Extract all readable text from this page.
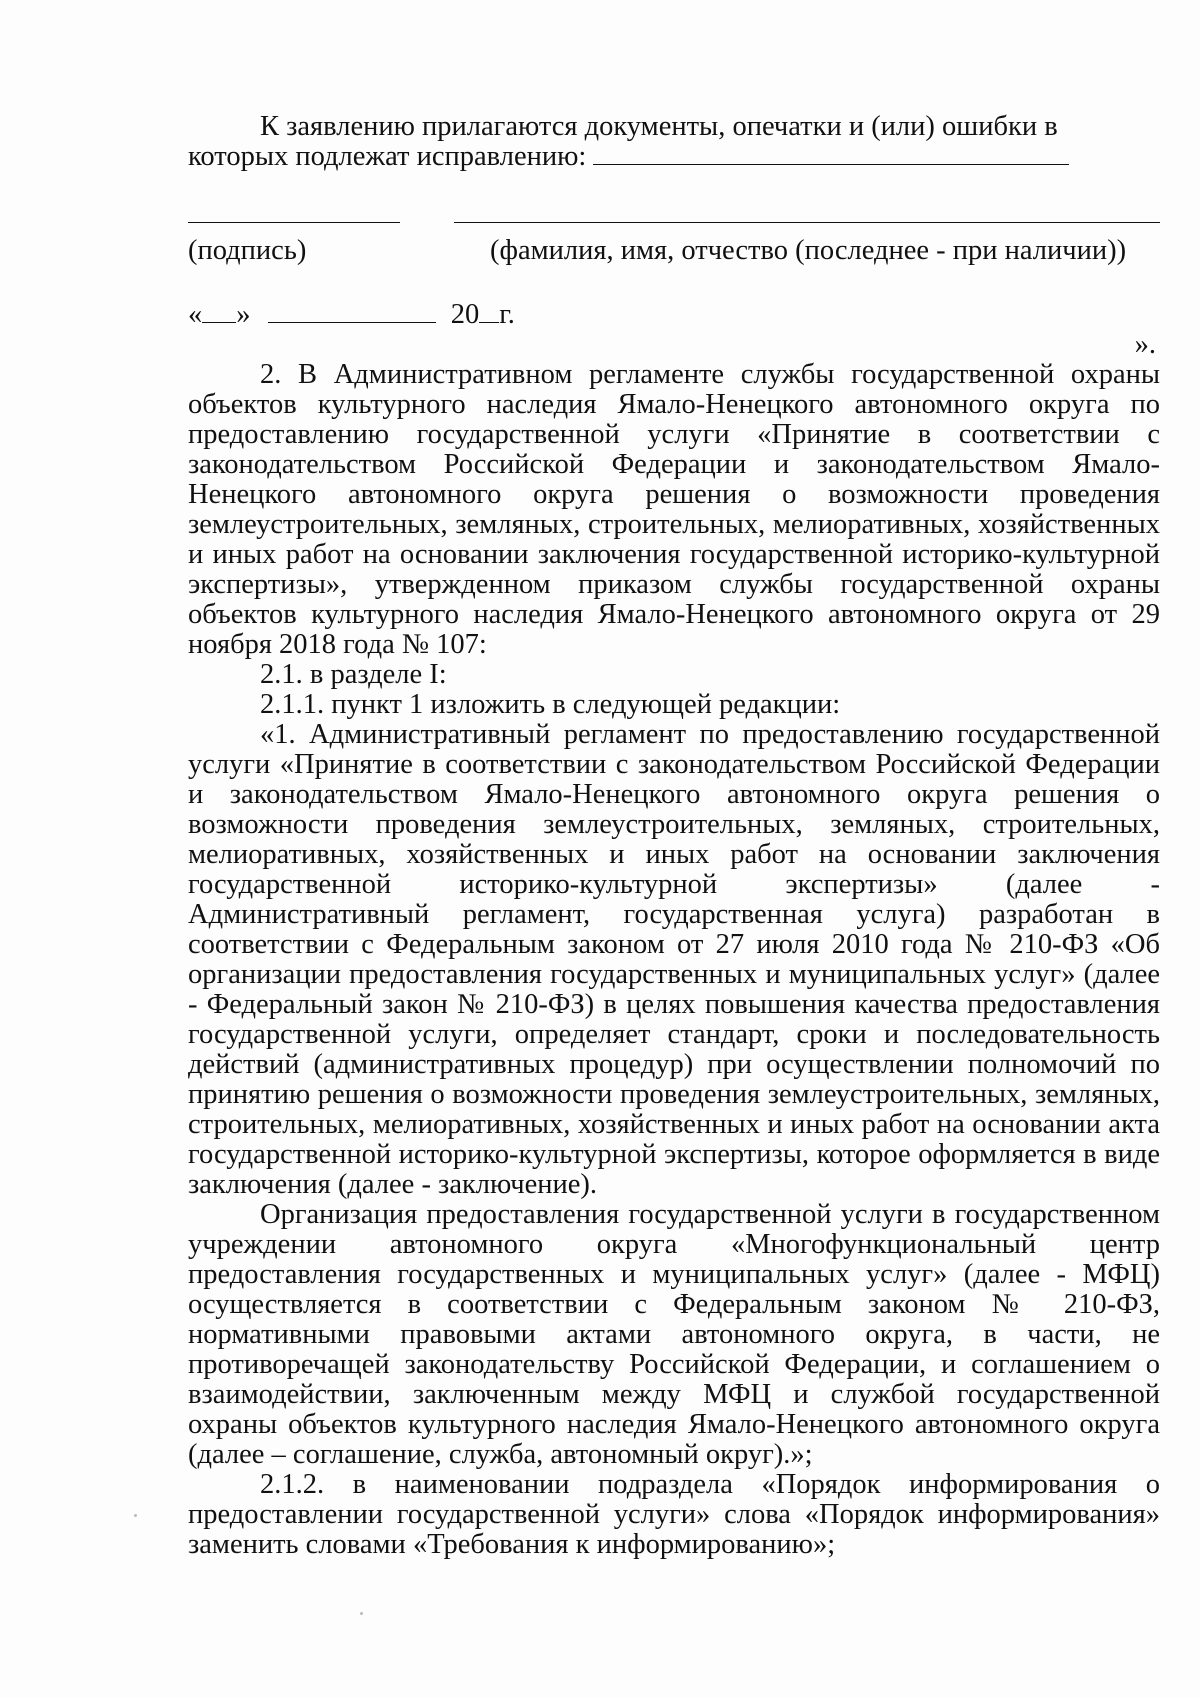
К заявлению прилагаются документы, опечатки и (или) ошибки в

которых подлежат исправлению:

(подпись)	(фамилия, имя, отчество (последнее - при наличии))
« »	20 г.
».

2. В Административном регламенте службы государственной охраны объектов культурного наследия Ямало-Ненецкого автономного округа по предоставлению государственной услуги «Принятие в соответствии с законодательством Российской Федерации и законодательством Ямало-Ненецкого автономного округа решения о возможности проведения землеустроительных, земляных, строительных, мелиоративных, хозяйственных и иных работ на основании заключения государственной историко-культурной экспертизы», утвержденном приказом службы государственной охраны объектов культурного наследия Ямало-Ненецкого автономного округа от 29 ноября 2018 года № 107:

2.1. в разделе I:

2.1.1. пункт 1 изложить в следующей редакции:

«1. Административный регламент по предоставлению государственной услуги «Принятие в соответствии с законодательством Российской Федерации и законодательством Ямало-Ненецкого автономного округа решения о возможности проведения землеустроительных, земляных, строительных, мелиоративных, хозяйственных и иных работ на основании заключения государственной историко-культурной экспертизы» (далее - Административный регламент, государственная услуга) разработан в соответствии с Федеральным законом от 27 июля 2010 года № 210-ФЗ «Об организации предоставления государственных и муниципальных услуг» (далее - Федеральный закон № 210-ФЗ) в целях повышения качества предоставления государственной услуги, определяет стандарт, сроки и последовательность действий (административных процедур) при осуществлении полномочий по принятию решения о возможности проведения землеустроительных, земляных, строительных, мелиоративных, хозяйственных и иных работ на основании акта государственной историко-культурной экспертизы, которое оформляется в виде заключения (далее - заключение).

Организация предоставления государственной услуги в государственном учреждении автономного округа «Многофункциональный центр предоставления государственных и муниципальных услуг» (далее - МФЦ) осуществляется в соответствии с Федеральным законом № 210-ФЗ, нормативными правовыми актами автономного округа, в части, не противоречащей законодательству Российской Федерации, и соглашением о взаимодействии, заключенным между МФЦ и службой государственной охраны объектов культурного наследия Ямало-Ненецкого автономного округа (далее – соглашение, служба, автономный округ).»;

2.1.2. в наименовании подраздела «Порядок информирования о предоставлении государственной услуги» слова «Порядок информирования» заменить словами «Требования к информированию»;
